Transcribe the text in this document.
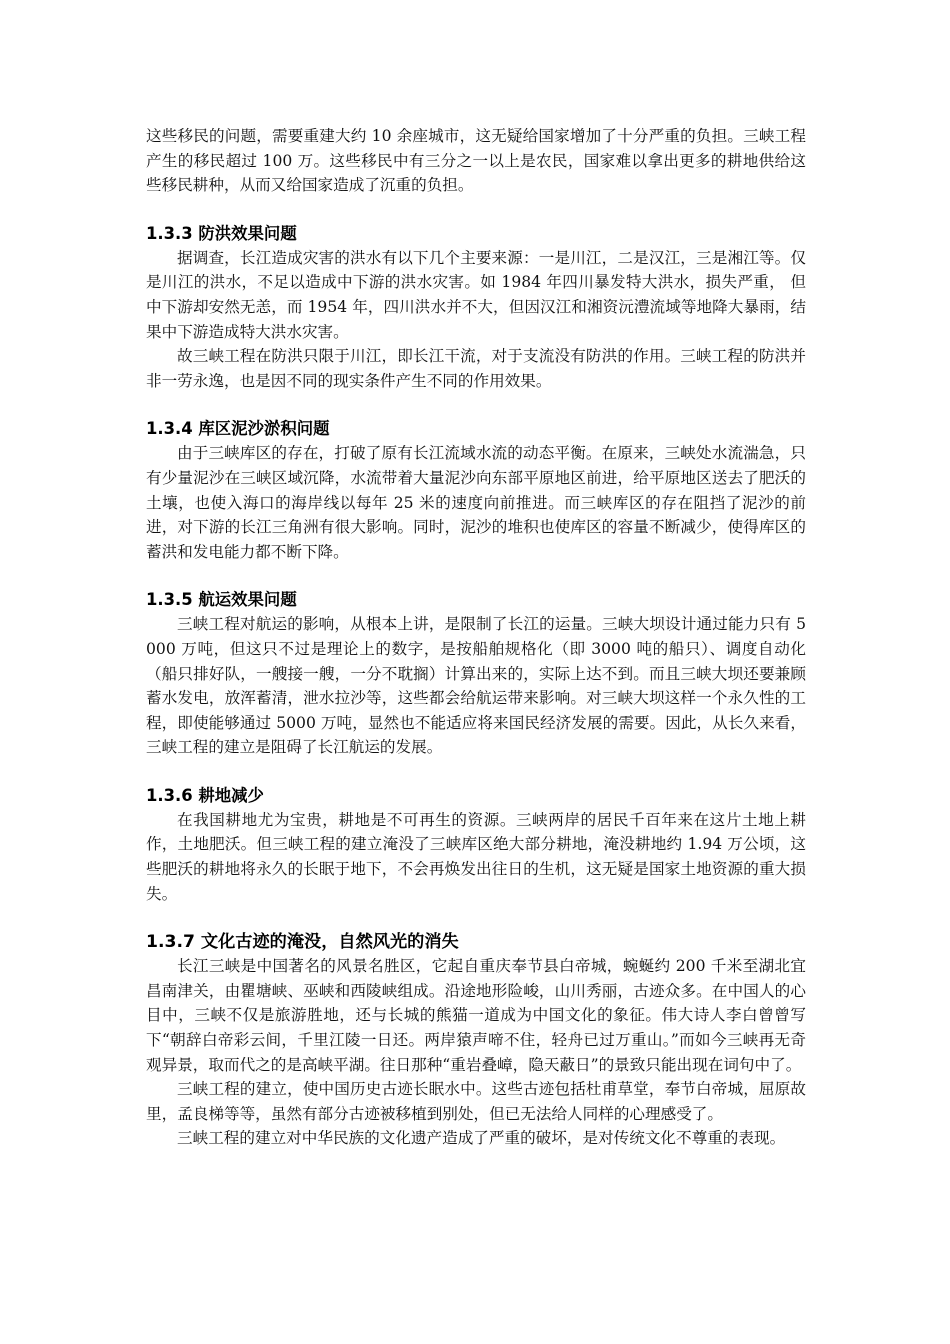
这些移民的问题，需要重建大约 10 余座城市，这无疑给国家增加了十分严重的负担。三峡工程产生的移民超过 100 万。这些移民中有三分之一以上是农民，国家难以拿出更多的耕地供给这些移民耕种，从而又给国家造成了沉重的负担。

1.3.3 防洪效果问题

据调查，长江造成灾害的洪水有以下几个主要来源：一是川江，二是汉江，三是湘江等。仅是川江的洪水，不足以造成中下游的洪水灾害。如 1984 年四川暴发特大洪水，损失严重， 但中下游却安然无恙，而 1954 年，四川洪水并不大，但因汉江和湘资沅澧流域等地降大暴雨，结果中下游造成特大洪水灾害。

故三峡工程在防洪只限于川江，即长江干流，对于支流没有防洪的作用。三峡工程的防洪并非一劳永逸，也是因不同的现实条件产生不同的作用效果。

1.3.4 库区泥沙淤积问题

由于三峡库区的存在，打破了原有长江流域水流的动态平衡。在原来，三峡处水流湍急，只有少量泥沙在三峡区域沉降，水流带着大量泥沙向东部平原地区前进，给平原地区送去了肥沃的土壤，也使入海口的海岸线以每年 25 米的速度向前推进。而三峡库区的存在阻挡了泥沙的前进，对下游的长江三角洲有很大影响。同时，泥沙的堆积也使库区的容量不断减少，使得库区的蓄洪和发电能力都不断下降。

1.3.5 航运效果问题

三峡工程对航运的影响，从根本上讲，是限制了长江的运量。三峡大坝设计通过能力只有 5000 万吨，但这只不过是理论上的数字，是按船舶规格化（即 3000 吨的船只）、调度自动化（船只排好队，一艘接一艘，一分不耽搁）计算出来的，实际上达不到。而且三峡大坝还要兼顾蓄水发电，放浑蓄清，泄水拉沙等，这些都会给航运带来影响。对三峡大坝这样一个永久性的工程，即使能够通过 5000 万吨，显然也不能适应将来国民经济发展的需要。因此，从长久来看，三峡工程的建立是阻碍了长江航运的发展。

1.3.6 耕地减少

在我国耕地尤为宝贵，耕地是不可再生的资源。三峡两岸的居民千百年来在这片土地上耕作，土地肥沃。但三峡工程的建立淹没了三峡库区绝大部分耕地，淹没耕地约 1.94 万公顷，这些肥沃的耕地将永久的长眠于地下，不会再焕发出往日的生机，这无疑是国家土地资源的重大损失。

1.3.7 文化古迹的淹没，自然风光的消失

长江三峡是中国著名的风景名胜区，它起自重庆奉节县白帝城，蜿蜒约 200 千米至湖北宜昌南津关，由瞿塘峡、巫峡和西陵峡组成。沿途地形险峻，山川秀丽，古迹众多。在中国人的心目中，三峡不仅是旅游胜地，还与长城的熊猫一道成为中国文化的象征。伟大诗人李白曾曾写下“朝辞白帝彩云间，千里江陵一日还。两岸猿声啼不住，轻舟已过万重山。”而如今三峡再无奇观异景，取而代之的是高峡平湖。往日那种“重岩叠嶂，隐天蔽日”的景致只能出现在词句中了。

三峡工程的建立，使中国历史古迹长眠水中。这些古迹包括杜甫草堂，奉节白帝城，屈原故里，孟良梯等等，虽然有部分古迹被移植到别处，但已无法给人同样的心理感受了。

三峡工程的建立对中华民族的文化遗产造成了严重的破坏，是对传统文化不尊重的表现。
